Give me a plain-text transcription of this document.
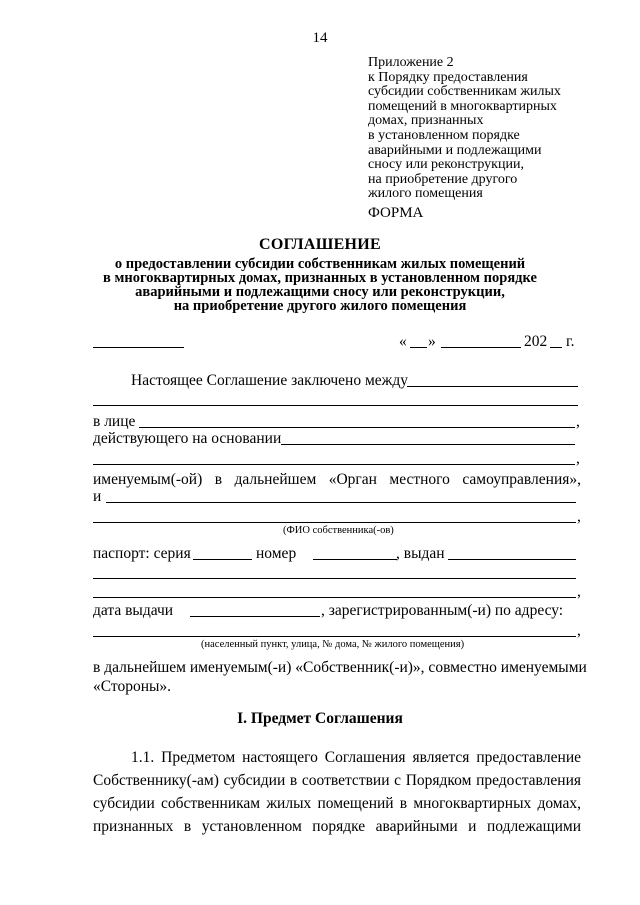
14
Приложение 2
к Порядку предоставления
субсидии собственникам жилых
помещений в многоквартирных
домах, признанных
в установленном порядке
аварийными и подлежащими
сносу или реконструкции,
на приобретение другого
жилого помещения
ФОРМА
СОГЛАШЕНИЕ
о предоставлении субсидии собственникам жилых помещений
в многоквартирных домах, признанных в установленном порядке
аварийными и подлежащими сносу или реконструкции,
на приобретение другого жилого помещения
« »	202 г.
Настоящее Соглашение заключено между
в лице	,
действующего на основании
,
именуемым(-ой) в дальнейшем «Орган местного самоуправления»,
и
,
(ФИО собственника(-ов)
паспорт: серия	номер	, выдан
,
дата выдачи	, зарегистрированным(-и) по адресу:
,
(населенный пункт, улица, № дома, № жилого помещения)
в дальнейшем именуемым(-и) «Собственник(-и)», совместно именуемыми
«Стороны».
I. Предмет Соглашения
1.1. Предметом настоящего Соглашения является предоставление
Собственнику(-ам) субсидии в соответствии с Порядком предоставления
субсидии собственникам жилых помещений в многоквартирных домах,
признанных в установленном порядке аварийными и подлежащими
